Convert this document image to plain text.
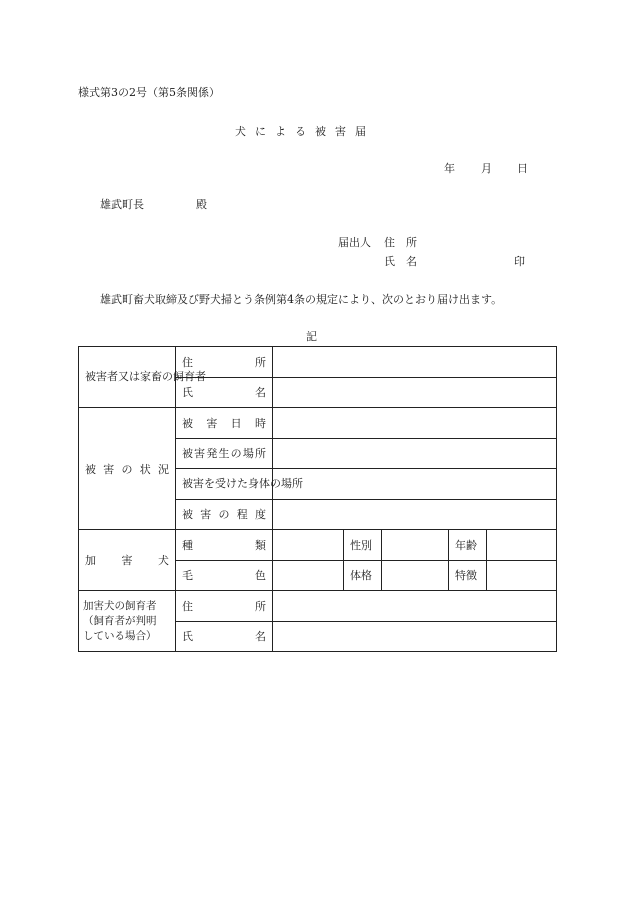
様式第3の2号（第5条関係）
犬による被害届
年 月 日
雄武町長	殿
届出人 住　所
氏　名	印
雄武町畜犬取締及び野犬掃とう条例第4条の規定により、次のとおり届け出ます。
記
被害者又は家畜の飼育者	住所					
	氏名					
被害の状況	被害日時					
	被害発生の場所					

	被害を受けた身体の場所					

	被害の程度					
加害犬	種類		性別		年齢	
	毛色		体格		特徴	

加害犬の飼育者
（飼育者が判明
している場合）	住所					
	氏名					
